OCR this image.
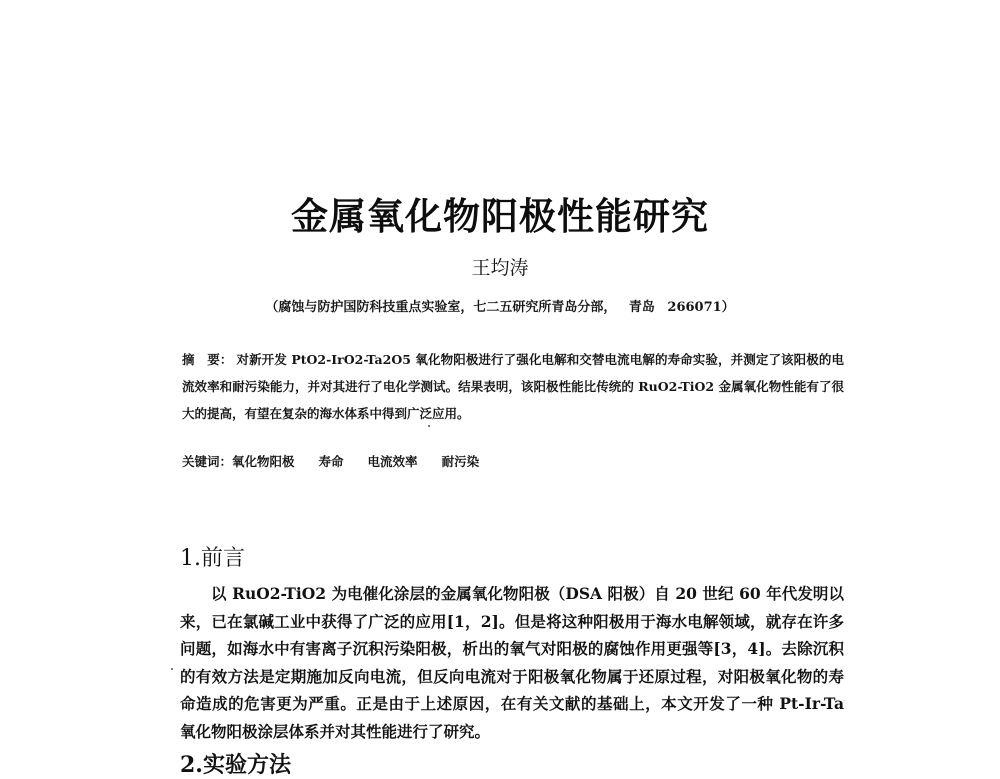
金属氧化物阳极性能研究
王均涛
（腐蚀与防护国防科技重点实验室，七二五研究所青岛分部， 青岛 266071）
摘　要： 对新开发 PtO2-IrO2-Ta2O5 氧化物阳极进行了强化电解和交替电流电解的寿命实验，并测定了该阳极的电流效率和耐污染能力，并对其进行了电化学测试。结果表明，该阳极性能比传统的 RuO2-TiO2 金属氧化物性能有了很大的提高，有望在复杂的海水体系中得到广泛应用。
关键词：氧化物阳极 寿命 电流效率 耐污染
1.前言
以 RuO2-TiO2 为电催化涂层的金属氧化物阳极（DSA 阳极）自 20 世纪 60 年代发明以来，已在氯碱工业中获得了广泛的应用[1，2]。但是将这种阳极用于海水电解领域，就存在许多问题，如海水中有害离子沉积污染阳极，析出的氧气对阳极的腐蚀作用更强等[3，4]。去除沉积的有效方法是定期施加反向电流，但反向电流对于阳极氧化物属于还原过程，对阳极氧化物的寿命造成的危害更为严重。正是由于上述原因，在有关文献的基础上，本文开发了一种 Pt-Ir-Ta 氧化物阳极涂层体系并对其性能进行了研究。
2.实验方法
